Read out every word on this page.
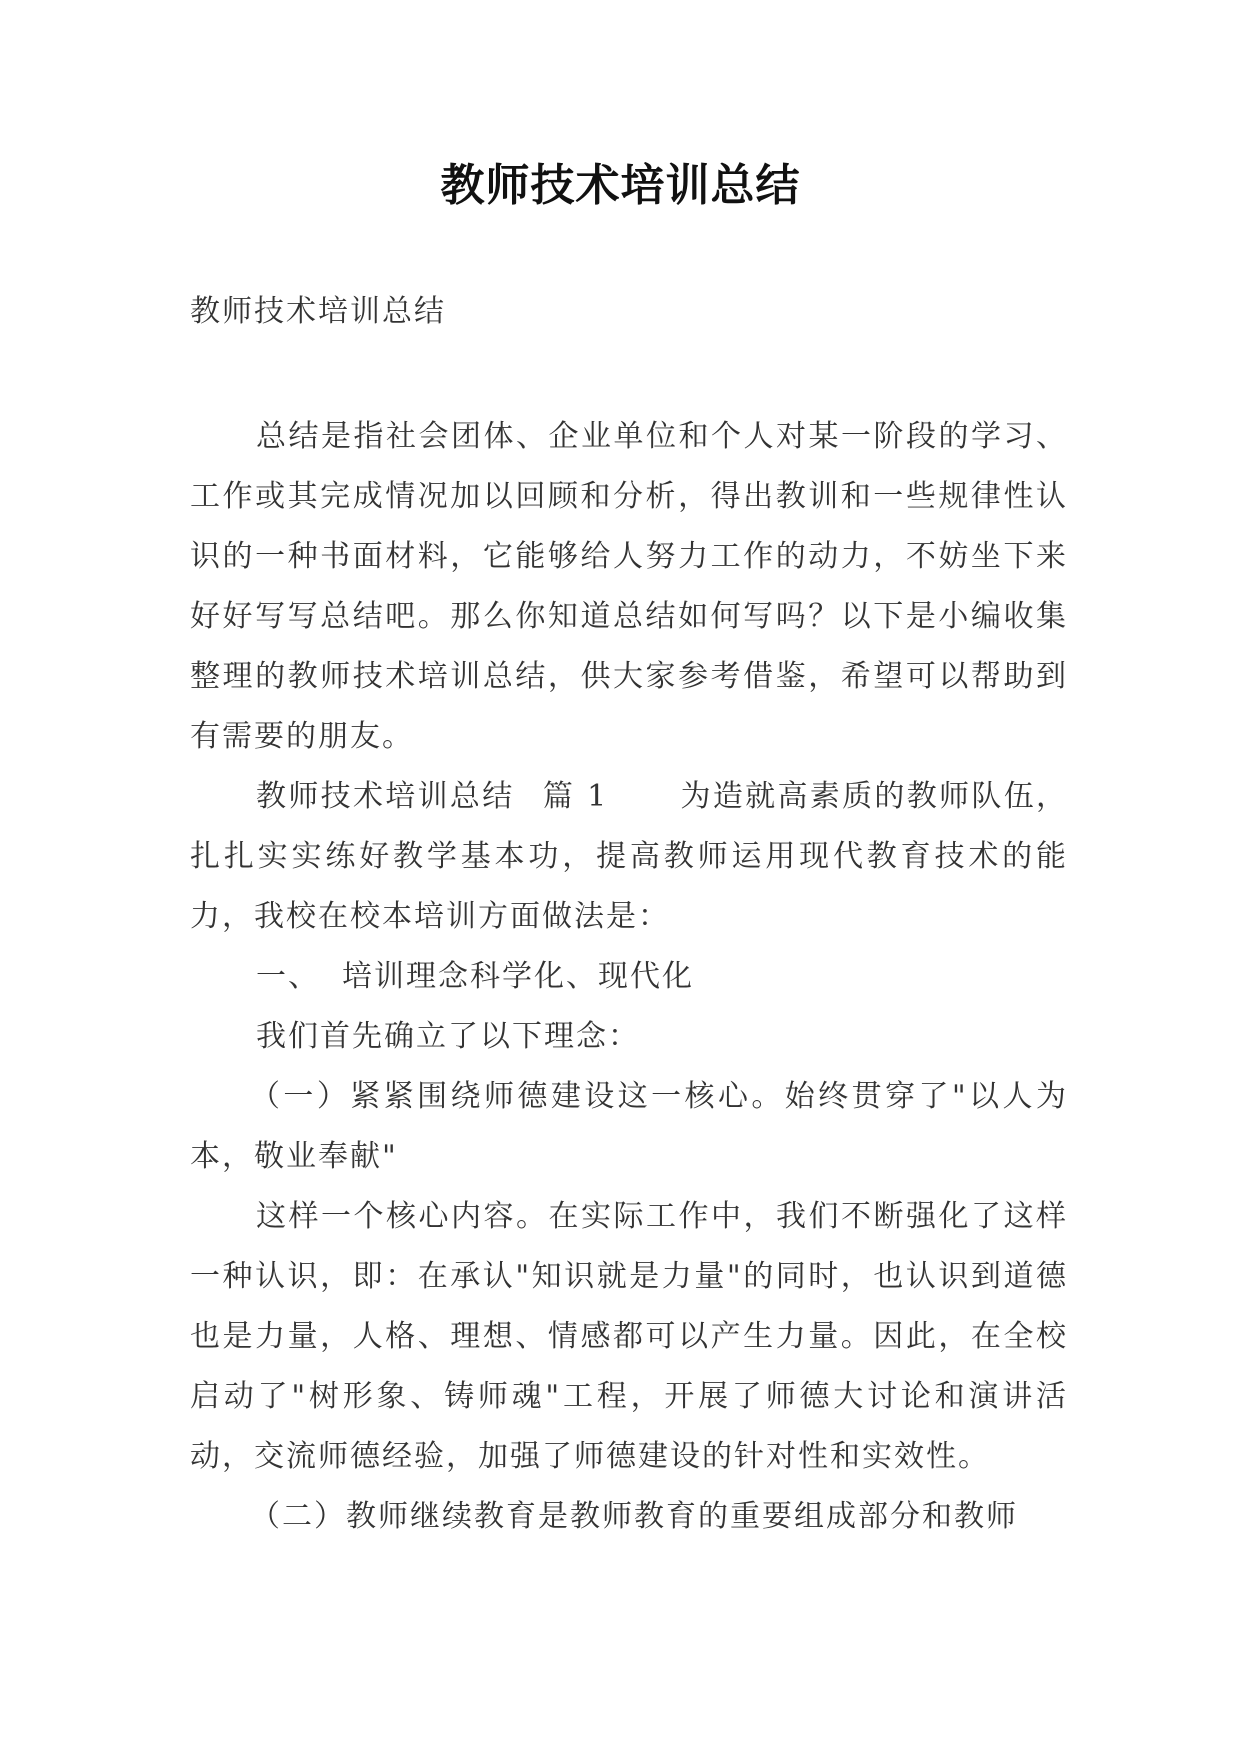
教师技术培训总结
教师技术培训总结

总结是指社会团体、企业单位和个人对某一阶段的学习、工作或其完成情况加以回顾和分析，得出教训和一些规律性认识的一种书面材料，它能够给人努力工作的动力，不妨坐下来好好写写总结吧。那么你知道总结如何写吗？以下是小编收集整理的教师技术培训总结，供大家参考借鉴，希望可以帮助到有需要的朋友。

教师技术培训总结 篇 1 为造就高素质的教师队伍，扎扎实实练好教学基本功，提高教师运用现代教育技术的能力，我校在校本培训方面做法是：

一、 培训理念科学化、现代化

我们首先确立了以下理念：

（一）紧紧围绕师德建设这一核心。始终贯穿了"以人为本，敬业奉献"

这样一个核心内容。在实际工作中，我们不断强化了这样一种认识，即：在承认"知识就是力量"的同时，也认识到道德也是力量，人格、理想、情感都可以产生力量。因此，在全校启动了"树形象、铸师魂"工程，开展了师德大讨论和演讲活动，交流师德经验，加强了师德建设的针对性和实效性。

（二）教师继续教育是教师教育的重要组成部分和教师
